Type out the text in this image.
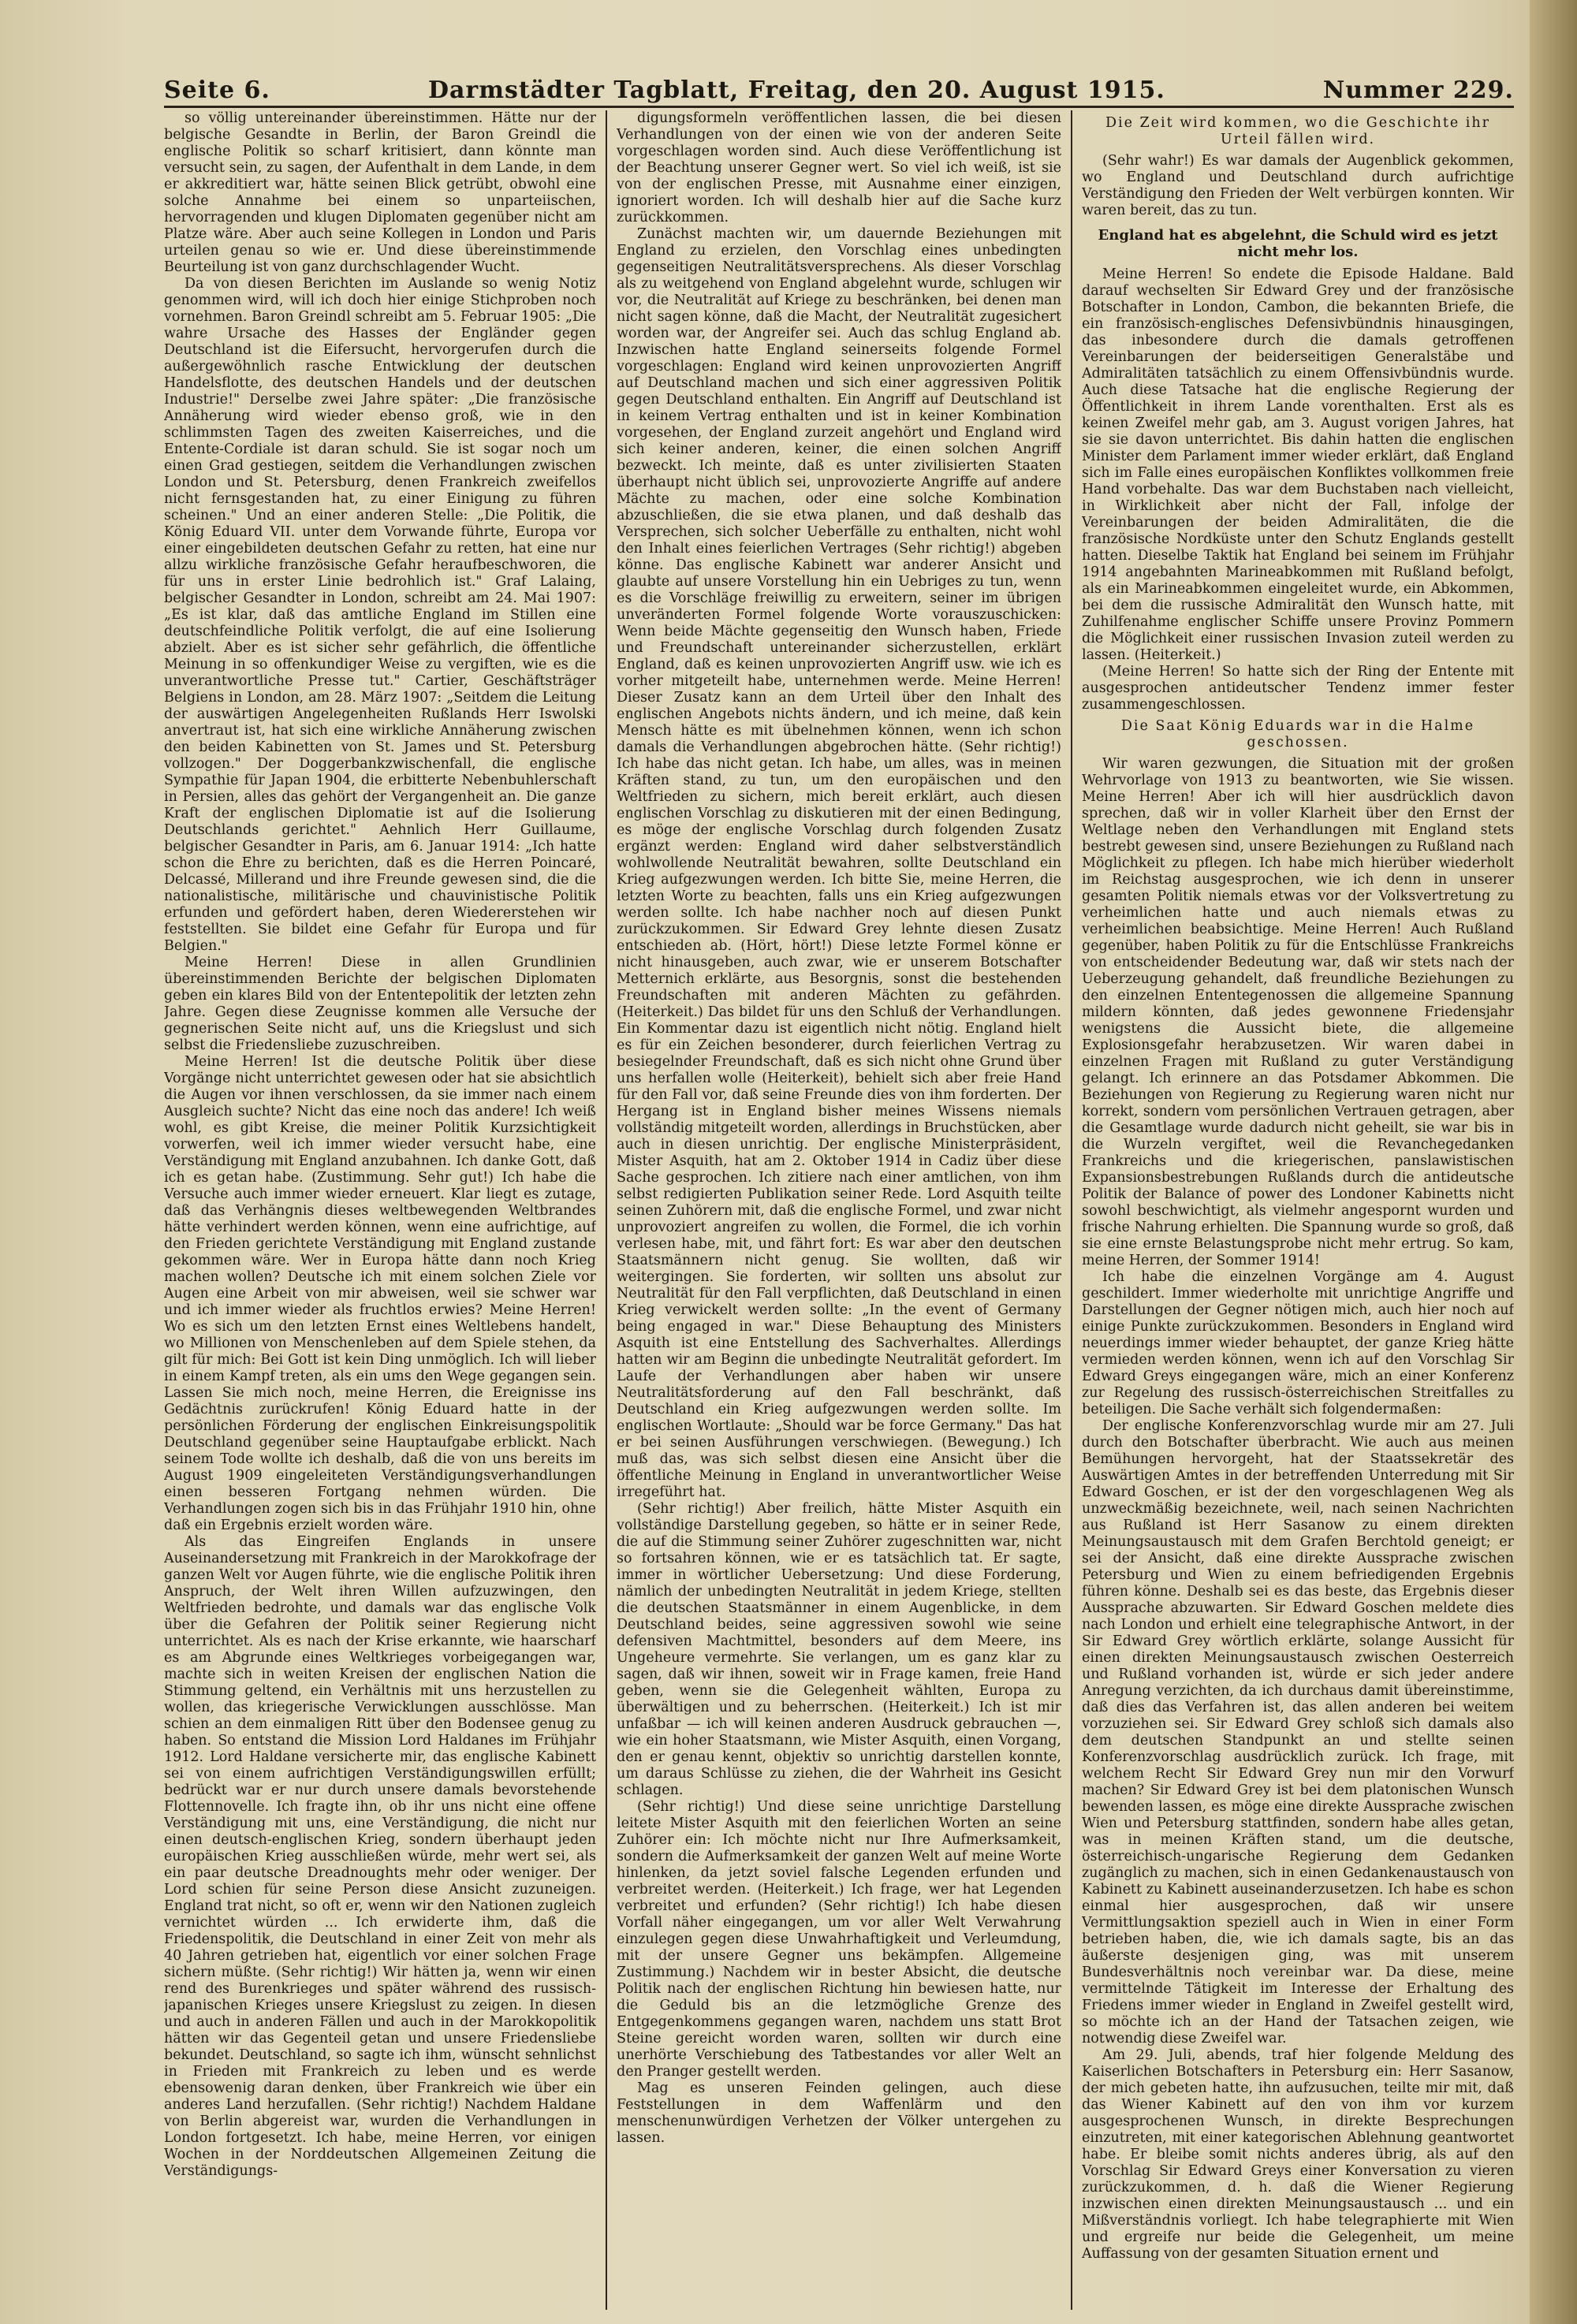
Seite 6.	Darmstädter Tagblatt, Freitag, den 20. August 1915.	Nummer 229.

so völlig untereinander übereinstimmen. Hätte nur der belgische Gesandte in Berlin, der Baron Greindl die englische Politik so scharf kritisiert, dann könnte man versucht sein, zu sagen, der Aufenthalt in dem Lande, in dem er akkreditiert war, hätte seinen Blick getrübt, obwohl eine solche Annahme bei einem so unparteiischen, hervorragenden und klugen Diplomaten gegenüber nicht am Platze wäre. Aber auch seine Kollegen in London und Paris urteilen genau so wie er. Und diese übereinstimmende Beurteilung ist von ganz durchschlagender Wucht.

Da von diesen Berichten im Auslande so wenig Notiz genommen wird, will ich doch hier einige Stichproben noch vornehmen. Baron Greindl schreibt am 5. Februar 1905: „Die wahre Ursache des Hasses der Engländer gegen Deutschland ist die Eifersucht, hervorgerufen durch die außergewöhnlich rasche Entwicklung der deutschen Handelsflotte, des deutschen Handels und der deutschen Industrie!" Derselbe zwei Jahre später: „Die französische Annäherung wird wieder ebenso groß, wie in den schlimmsten Tagen des zweiten Kaiserreiches, und die Entente-Cordiale ist daran schuld. Sie ist sogar noch um einen Grad gestiegen, seitdem die Verhandlungen zwischen London und St. Petersburg, denen Frankreich zweifellos nicht fernsgestanden hat, zu einer Einigung zu führen scheinen." Und an einer anderen Stelle: „Die Politik, die König Eduard VII. unter dem Vorwande führte, Europa vor einer eingebildeten deutschen Gefahr zu retten, hat eine nur allzu wirkliche französische Gefahr heraufbeschworen, die für uns in erster Linie bedrohlich ist." Graf Lalaing, belgischer Gesandter in London, schreibt am 24. Mai 1907: „Es ist klar, daß das amtliche England im Stillen eine deutschfeindliche Politik verfolgt, die auf eine Isolierung abzielt. Aber es ist sicher sehr gefährlich, die öffentliche Meinung in so offenkundiger Weise zu vergiften, wie es die unverantwortliche Presse tut." Cartier, Geschäftsträger Belgiens in London, am 28. März 1907: „Seitdem die Leitung der auswärtigen Angelegenheiten Rußlands Herr Iswolski anvertraut ist, hat sich eine wirkliche Annäherung zwischen den beiden Kabinetten von St. James und St. Petersburg vollzogen." Der Doggerbankzwischenfall, die englische Sympathie für Japan 1904, die erbitterte Nebenbuhlerschaft in Persien, alles das gehört der Vergangenheit an. Die ganze Kraft der englischen Diplomatie ist auf die Isolierung Deutschlands gerichtet." Aehnlich Herr Guillaume, belgischer Gesandter in Paris, am 6. Januar 1914: „Ich hatte schon die Ehre zu berichten, daß es die Herren Poincaré, Delcassé, Millerand und ihre Freunde gewesen sind, die die nationalistische, militärische und chauvinistische Politik erfunden und gefördert haben, deren Wiedererstehen wir feststellten. Sie bildet eine Gefahr für Europa und für Belgien."

Meine Herren! Diese in allen Grundlinien übereinstimmenden Berichte der belgischen Diplomaten geben ein klares Bild von der Ententepolitik der letzten zehn Jahre. Gegen diese Zeugnisse kommen alle Versuche der gegnerischen Seite nicht auf, uns die Kriegslust und sich selbst die Friedensliebe zuzuschreiben.

Meine Herren! Ist die deutsche Politik über diese Vorgänge nicht unterrichtet gewesen oder hat sie absichtlich die Augen vor ihnen verschlossen, da sie immer nach einem Ausgleich suchte? Nicht das eine noch das andere! Ich weiß wohl, es gibt Kreise, die meiner Politik Kurzsichtigkeit vorwerfen, weil ich immer wieder versucht habe, eine Verständigung mit England anzubahnen. Ich danke Gott, daß ich es getan habe. (Zustimmung. Sehr gut!) Ich habe die Versuche auch immer wieder erneuert. Klar liegt es zutage, daß das Verhängnis dieses weltbewegenden Weltbrandes hätte verhindert werden können, wenn eine aufrichtige, auf den Frieden gerichtete Verständigung mit England zustande gekommen wäre. Wer in Europa hätte dann noch Krieg machen wollen? Deutsche ich mit einem solchen Ziele vor Augen eine Arbeit von mir abweisen, weil sie schwer war und ich immer wieder als fruchtlos erwies? Meine Herren! Wo es sich um den letzten Ernst eines Weltlebens handelt, wo Millionen von Menschenleben auf dem Spiele stehen, da gilt für mich: Bei Gott ist kein Ding unmöglich. Ich will lieber in einem Kampf treten, als ein ums den Wege gegangen sein. Lassen Sie mich noch, meine Herren, die Ereignisse ins Gedächtnis zurückrufen! König Eduard hatte in der persönlichen Förderung der englischen Einkreisungspolitik Deutschland gegenüber seine Hauptaufgabe erblickt. Nach seinem Tode wollte ich deshalb, daß die von uns bereits im August 1909 eingeleiteten Verständigungsverhandlungen einen besseren Fortgang nehmen würden. Die Verhandlungen zogen sich bis in das Frühjahr 1910 hin, ohne daß ein Ergebnis erzielt worden wäre.

Als das Eingreifen Englands in unsere Auseinandersetzung mit Frankreich in der Marokkofrage der ganzen Welt vor Augen führte, wie die englische Politik ihren Anspruch, der Welt ihren Willen aufzuzwingen, den Weltfrieden bedrohte, und damals war das englische Volk über die Gefahren der Politik seiner Regierung nicht unterrichtet. Als es nach der Krise erkannte, wie haarscharf es am Abgrunde eines Weltkrieges vorbeigegangen war, machte sich in weiten Kreisen der englischen Nation die Stimmung geltend, ein Verhältnis mit uns herzustellen zu wollen, das kriegerische Verwicklungen ausschlösse. Man schien an dem einmaligen Ritt über den Bodensee genug zu haben. So entstand die Mission Lord Haldanes im Frühjahr 1912. Lord Haldane versicherte mir, das englische Kabinett sei von einem aufrichtigen Verständigungswillen erfüllt; bedrückt war er nur durch unsere damals bevorstehende Flottennovelle. Ich fragte ihn, ob ihr uns nicht eine offene Verständigung mit uns, eine Verständigung, die nicht nur einen deutsch-englischen Krieg, sondern überhaupt jeden europäischen Krieg ausschließen würde, mehr wert sei, als ein paar deutsche Dreadnoughts mehr oder weniger. Der Lord schien für seine Person diese Ansicht zuzuneigen. England trat nicht, so oft er, wenn wir den Nationen zugleich vernichtet würden ... Ich erwiderte ihm, daß die Friedenspolitik, die Deutschland in einer Zeit von mehr als 40 Jahren getrieben hat, eigentlich vor einer solchen Frage sichern müßte. (Sehr richtig!) Wir hätten ja, wenn wir einen rend des Burenkrieges und später während des russisch-japanischen Krieges unsere Kriegslust zu zeigen. In diesen und auch in anderen Fällen und auch in der Marokkopolitik hätten wir das Gegenteil getan und unsere Friedensliebe bekundet. Deutschland, so sagte ich ihm, wünscht sehnlichst in Frieden mit Frankreich zu leben und es werde ebensowenig daran denken, über Frankreich wie über ein anderes Land herzufallen. (Sehr richtig!) Nachdem Haldane von Berlin abgereist war, wurden die Verhandlungen in London fortgesetzt. Ich habe, meine Herren, vor einigen Wochen in der Norddeutschen Allgemeinen Zeitung die Verständigungs-

digungsformeln veröffentlichen lassen, die bei diesen Verhandlungen von der einen wie von der anderen Seite vorgeschlagen worden sind. Auch diese Veröffentlichung ist der Beachtung unserer Gegner wert. So viel ich weiß, ist sie von der englischen Presse, mit Ausnahme einer einzigen, ignoriert worden. Ich will deshalb hier auf die Sache kurz zurückkommen.

Zunächst machten wir, um dauernde Beziehungen mit England zu erzielen, den Vorschlag eines unbedingten gegenseitigen Neutralitätsversprechens. Als dieser Vorschlag als zu weitgehend von England abgelehnt wurde, schlugen wir vor, die Neutralität auf Kriege zu beschränken, bei denen man nicht sagen könne, daß die Macht, der Neutralität zugesichert worden war, der Angreifer sei. Auch das schlug England ab. Inzwischen hatte England seinerseits folgende Formel vorgeschlagen: England wird keinen unprovozierten Angriff auf Deutschland machen und sich einer aggressiven Politik gegen Deutschland enthalten. Ein Angriff auf Deutschland ist in keinem Vertrag enthalten und ist in keiner Kombination vorgesehen, der England zurzeit angehört und England wird sich keiner anderen, keiner, die einen solchen Angriff bezweckt. Ich meinte, daß es unter zivilisierten Staaten überhaupt nicht üblich sei, unprovozierte Angriffe auf andere Mächte zu machen, oder eine solche Kombination abzuschließen, die sie etwa planen, und daß deshalb das Versprechen, sich solcher Ueberfälle zu enthalten, nicht wohl den Inhalt eines feierlichen Vertrages (Sehr richtig!) abgeben könne. Das englische Kabinett war anderer Ansicht und glaubte auf unsere Vorstellung hin ein Uebriges zu tun, wenn es die Vorschläge freiwillig zu erweitern, seiner im übrigen unveränderten Formel folgende Worte vorauszuschicken: Wenn beide Mächte gegenseitig den Wunsch haben, Friede und Freundschaft untereinander sicherzustellen, erklärt England, daß es keinen unprovozierten Angriff usw. wie ich es vorher mitgeteilt habe, unternehmen werde. Meine Herren! Dieser Zusatz kann an dem Urteil über den Inhalt des englischen Angebots nichts ändern, und ich meine, daß kein Mensch hätte es mit übelnehmen können, wenn ich schon damals die Verhandlungen abgebrochen hätte. (Sehr richtig!) Ich habe das nicht getan. Ich habe, um alles, was in meinen Kräften stand, zu tun, um den europäischen und den Weltfrieden zu sichern, mich bereit erklärt, auch diesen englischen Vorschlag zu diskutieren mit der einen Bedingung, es möge der englische Vorschlag durch folgenden Zusatz ergänzt werden: England wird daher selbstverständlich wohlwollende Neutralität bewahren, sollte Deutschland ein Krieg aufgezwungen werden. Ich bitte Sie, meine Herren, die letzten Worte zu beachten, falls uns ein Krieg aufgezwungen werden sollte. Ich habe nachher noch auf diesen Punkt zurückzukommen. Sir Edward Grey lehnte diesen Zusatz entschieden ab. (Hört, hört!) Diese letzte Formel könne er nicht hinausgeben, auch zwar, wie er unserem Botschafter Metternich erklärte, aus Besorgnis, sonst die bestehenden Freundschaften mit anderen Mächten zu gefährden. (Heiterkeit.) Das bildet für uns den Schluß der Verhandlungen. Ein Kommentar dazu ist eigentlich nicht nötig. England hielt es für ein Zeichen besonderer, durch feierlichen Vertrag zu besiegelnder Freundschaft, daß es sich nicht ohne Grund über uns herfallen wolle (Heiterkeit), behielt sich aber freie Hand für den Fall vor, daß seine Freunde dies von ihm forderten. Der Hergang ist in England bisher meines Wissens niemals vollständig mitgeteilt worden, allerdings in Bruchstücken, aber auch in diesen unrichtig. Der englische Ministerpräsident, Mister Asquith, hat am 2. Oktober 1914 in Cadiz über diese Sache gesprochen. Ich zitiere nach einer amtlichen, von ihm selbst redigierten Publikation seiner Rede. Lord Asquith teilte seinen Zuhörern mit, daß die englische Formel, und zwar nicht unprovoziert angreifen zu wollen, die Formel, die ich vorhin verlesen habe, mit, und fährt fort: Es war aber den deutschen Staatsmännern nicht genug. Sie wollten, daß wir weitergingen. Sie forderten, wir sollten uns absolut zur Neutralität für den Fall verpflichten, daß Deutschland in einen Krieg verwickelt werden sollte: „In the event of Germany being engaged in war." Diese Behauptung des Ministers Asquith ist eine Entstellung des Sachverhaltes. Allerdings hatten wir am Beginn die unbedingte Neutralität gefordert. Im Laufe der Verhandlungen aber haben wir unsere Neutralitätsforderung auf den Fall beschränkt, daß Deutschland ein Krieg aufgezwungen werden sollte. Im englischen Wortlaute: „Should war be force Germany." Das hat er bei seinen Ausführungen verschwiegen. (Bewegung.) Ich muß das, was sich selbst diesen eine Ansicht über die öffentliche Meinung in England in unverantwortlicher Weise irregeführt hat.

(Sehr richtig!) Aber freilich, hätte Mister Asquith ein vollständige Darstellung gegeben, so hätte er in seiner Rede, die auf die Stimmung seiner Zuhörer zugeschnitten war, nicht so fortsahren können, wie er es tatsächlich tat. Er sagte, immer in wörtlicher Uebersetzung: Und diese Forderung, nämlich der unbedingten Neutralität in jedem Kriege, stellten die deutschen Staatsmänner in einem Augenblicke, in dem Deutschland beides, seine aggressiven sowohl wie seine defensiven Machtmittel, besonders auf dem Meere, ins Ungeheure vermehrte. Sie verlangen, um es ganz klar zu sagen, daß wir ihnen, soweit wir in Frage kamen, freie Hand geben, wenn sie die Gelegenheit wählten, Europa zu überwältigen und zu beherrschen. (Heiterkeit.) Ich ist mir unfaßbar — ich will keinen anderen Ausdruck gebrauchen —, wie ein hoher Staatsmann, wie Mister Asquith, einen Vorgang, den er genau kennt, objektiv so unrichtig darstellen konnte, um daraus Schlüsse zu ziehen, die der Wahrheit ins Gesicht schlagen.

(Sehr richtig!) Und diese seine unrichtige Darstellung leitete Mister Asquith mit den feierlichen Worten an seine Zuhörer ein: Ich möchte nicht nur Ihre Aufmerksamkeit, sondern die Aufmerksamkeit der ganzen Welt auf meine Worte hinlenken, da jetzt soviel falsche Legenden erfunden und verbreitet werden. (Heiterkeit.) Ich frage, wer hat Legenden verbreitet und erfunden? (Sehr richtig!) Ich habe diesen Vorfall näher eingegangen, um vor aller Welt Verwahrung einzulegen gegen diese Unwahrhaftigkeit und Verleumdung, mit der unsere Gegner uns bekämpfen. Allgemeine Zustimmung.) Nachdem wir in bester Absicht, die deutsche Politik nach der englischen Richtung hin bewiesen hatte, nur die Geduld bis an die letzmögliche Grenze des Entgegenkommens gegangen waren, nachdem uns statt Brot Steine gereicht worden waren, sollten wir durch eine unerhörte Verschiebung des Tatbestandes vor aller Welt an den Pranger gestellt werden.

Mag es unseren Feinden gelingen, auch diese Feststellungen in dem Waffenlärm und den menschenunwürdigen Verhetzen der Völker untergehen zu lassen.

Die Zeit wird kommen, wo die Geschichte ihr Urteil fällen wird.

(Sehr wahr!) Es war damals der Augenblick gekommen, wo England und Deutschland durch aufrichtige Verständigung den Frieden der Welt verbürgen konnten. Wir waren bereit, das zu tun.

England hat es abgelehnt, die Schuld wird es jetzt nicht mehr los.

Meine Herren! So endete die Episode Haldane. Bald darauf wechselten Sir Edward Grey und der französische Botschafter in London, Cambon, die bekannten Briefe, die ein französisch-englisches Defensivbündnis hinausgingen, das inbesondere durch die damals getroffenen Vereinbarungen der beiderseitigen Generalstäbe und Admiralitäten tatsächlich zu einem Offensivbündnis wurde. Auch diese Tatsache hat die englische Regierung der Öffentlichkeit in ihrem Lande vorenthalten. Erst als es keinen Zweifel mehr gab, am 3. August vorigen Jahres, hat sie sie davon unterrichtet. Bis dahin hatten die englischen Minister dem Parlament immer wieder erklärt, daß England sich im Falle eines europäischen Konfliktes vollkommen freie Hand vorbehalte. Das war dem Buchstaben nach vielleicht, in Wirklichkeit aber nicht der Fall, infolge der Vereinbarungen der beiden Admiralitäten, die die französische Nordküste unter den Schutz Englands gestellt hatten. Dieselbe Taktik hat England bei seinem im Frühjahr 1914 angebahnten Marineabkommen mit Rußland befolgt, als ein Marineabkommen eingeleitet wurde, ein Abkommen, bei dem die russische Admiralität den Wunsch hatte, mit Zuhilfenahme englischer Schiffe unsere Provinz Pommern die Möglichkeit einer russischen Invasion zuteil werden zu lassen. (Heiterkeit.)

(Meine Herren! So hatte sich der Ring der Entente mit ausgesprochen antideutscher Tendenz immer fester zusammengeschlossen.

Die Saat König Eduards war in die Halme geschossen.

Wir waren gezwungen, die Situation mit der großen Wehrvorlage von 1913 zu beantworten, wie Sie wissen. Meine Herren! Aber ich will hier ausdrücklich davon sprechen, daß wir in voller Klarheit über den Ernst der Weltlage neben den Verhandlungen mit England stets bestrebt gewesen sind, unsere Beziehungen zu Rußland nach Möglichkeit zu pflegen. Ich habe mich hierüber wiederholt im Reichstag ausgesprochen, wie ich denn in unserer gesamten Politik niemals etwas vor der Volksvertretung zu verheimlichen hatte und auch niemals etwas zu verheimlichen beabsichtige. Meine Herren! Auch Rußland gegenüber, haben Politik zu für die Entschlüsse Frankreichs von entscheidender Bedeutung war, daß wir stets nach der Ueberzeugung gehandelt, daß freundliche Beziehungen zu den einzelnen Ententegenossen die allgemeine Spannung mildern könnten, daß jedes gewonnene Friedensjahr wenigstens die Aussicht biete, die allgemeine Explosionsgefahr herabzusetzen. Wir waren dabei in einzelnen Fragen mit Rußland zu guter Verständigung gelangt. Ich erinnere an das Potsdamer Abkommen. Die Beziehungen von Regierung zu Regierung waren nicht nur korrekt, sondern vom persönlichen Vertrauen getragen, aber die Gesamtlage wurde dadurch nicht geheilt, sie war bis in die Wurzeln vergiftet, weil die Revanchegedanken Frankreichs und die kriegerischen, panslawistischen Expansionsbestrebungen Rußlands durch die antideutsche Politik der Balance of power des Londoner Kabinetts nicht sowohl beschwichtigt, als vielmehr angespornt wurden und frische Nahrung erhielten. Die Spannung wurde so groß, daß sie eine ernste Belastungsprobe nicht mehr ertrug. So kam, meine Herren, der Sommer 1914!

Ich habe die einzelnen Vorgänge am 4. August geschildert. Immer wiederholte mit unrichtige Angriffe und Darstellungen der Gegner nötigen mich, auch hier noch auf einige Punkte zurückzukommen. Besonders in England wird neuerdings immer wieder behauptet, der ganze Krieg hätte vermieden werden können, wenn ich auf den Vorschlag Sir Edward Greys eingegangen wäre, mich an einer Konferenz zur Regelung des russisch-österreichischen Streitfalles zu beteiligen. Die Sache verhält sich folgendermaßen:

Der englische Konferenzvorschlag wurde mir am 27. Juli durch den Botschafter überbracht. Wie auch aus meinen Bemühungen hervorgeht, hat der Staatssekretär des Auswärtigen Amtes in der betreffenden Unterredung mit Sir Edward Goschen, er ist der den vorgeschlagenen Weg als unzweckmäßig bezeichnete, weil, nach seinen Nachrichten aus Rußland ist Herr Sasanow zu einem direkten Meinungsaustausch mit dem Grafen Berchtold geneigt; er sei der Ansicht, daß eine direkte Aussprache zwischen Petersburg und Wien zu einem befriedigenden Ergebnis führen könne. Deshalb sei es das beste, das Ergebnis dieser Aussprache abzuwarten. Sir Edward Goschen meldete dies nach London und erhielt eine telegraphische Antwort, in der Sir Edward Grey wörtlich erklärte, solange Aussicht für einen direkten Meinungsaustausch zwischen Oesterreich und Rußland vorhanden ist, würde er sich jeder andere Anregung verzichten, da ich durchaus damit übereinstimme, daß dies das Verfahren ist, das allen anderen bei weitem vorzuziehen sei. Sir Edward Grey schloß sich damals also dem deutschen Standpunkt an und stellte seinen Konferenzvorschlag ausdrücklich zurück. Ich frage, mit welchem Recht Sir Edward Grey nun mir den Vorwurf machen? Sir Edward Grey ist bei dem platonischen Wunsch bewenden lassen, es möge eine direkte Aussprache zwischen Wien und Petersburg stattfinden, sondern habe alles getan, was in meinen Kräften stand, um die deutsche, österreichisch-ungarische Regierung dem Gedanken zugänglich zu machen, sich in einen Gedankenaustausch von Kabinett zu Kabinett auseinanderzusetzen. Ich habe es schon einmal hier ausgesprochen, daß wir unsere Vermittlungsaktion speziell auch in Wien in einer Form betrieben haben, die, wie ich damals sagte, bis an das äußerste desjenigen ging, was mit unserem Bundesverhältnis noch vereinbar war. Da diese, meine vermittelnde Tätigkeit im Interesse der Erhaltung des Friedens immer wieder in England in Zweifel gestellt wird, so möchte ich an der Hand der Tatsachen zeigen, wie notwendig diese Zweifel war.

Am 29. Juli, abends, traf hier folgende Meldung des Kaiserlichen Botschafters in Petersburg ein: Herr Sasanow, der mich gebeten hatte, ihn aufzusuchen, teilte mir mit, daß das Wiener Kabinett auf den von ihm vor kurzem ausgesprochenen Wunsch, in direkte Besprechungen einzutreten, mit einer kategorischen Ablehnung geantwortet habe. Er bleibe somit nichts anderes übrig, als auf den Vorschlag Sir Edward Greys einer Konversation zu vieren zurückzukommen, d. h. daß die Wiener Regierung inzwischen einen direkten Meinungsaustausch ... und ein Mißverständnis vorliegt. Ich habe telegraphierte mit Wien und ergreife nur beide die Gelegenheit, um meine Auffassung von der gesamten Situation ernent und
